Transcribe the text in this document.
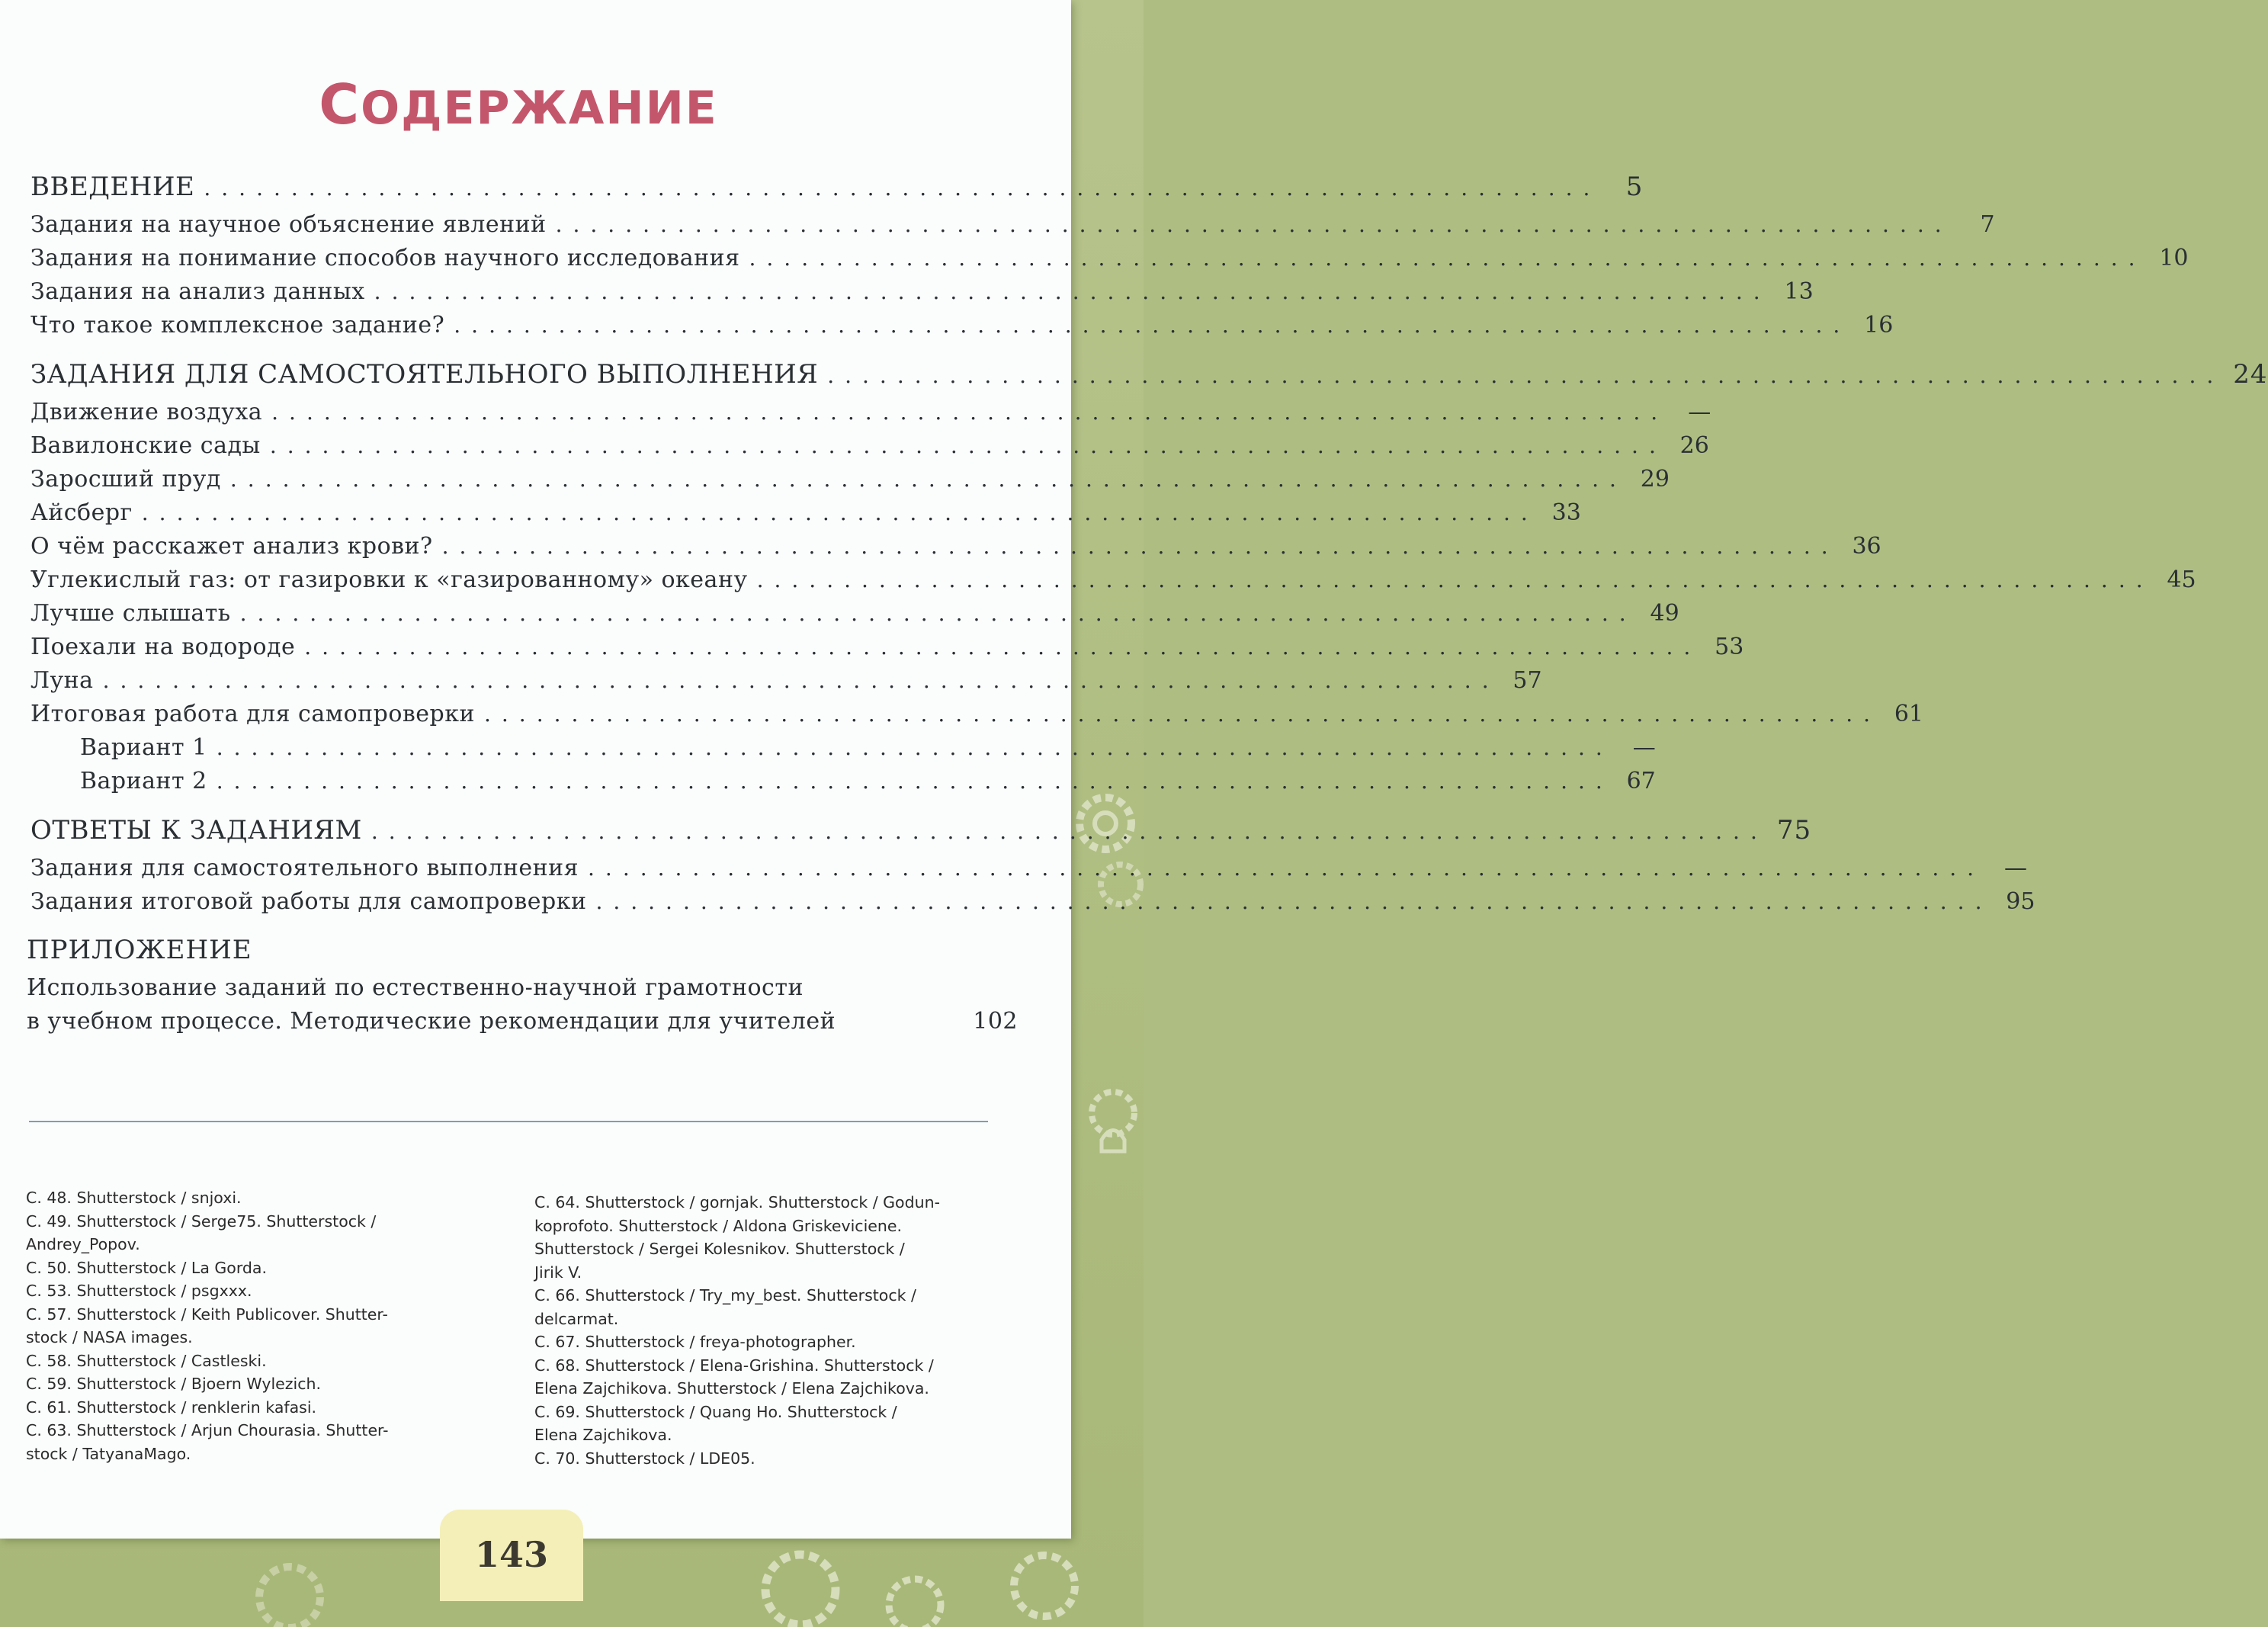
СОДЕРЖАНИЕ
ВВЕДЕНИЕ ................................................................................ 5
Задания на научное объяснение явлений ................................................................................	7
Задания на понимание способов научного исследования ................................................................................ 10
Задания на анализ данных ................................................................................ 13
Что такое комплексное задание? ................................................................................ 16
ЗАДАНИЯ ДЛЯ САМОСТОЯТЕЛЬНОГО ВЫПОЛНЕНИЯ ................................................................................ 24
Движение воздуха ................................................................................ —
Вавилонские сады ................................................................................ 26
Заросший пруд ................................................................................ 29
Айсберг ................................................................................ 33
О чём расскажет анализ крови? ................................................................................ 36
Углекислый газ: от газировки к «газированному» океану ................................................................................ 45
Лучше слышать ................................................................................ 49
Поехали на водороде ................................................................................ 53
Луна ................................................................................ 57
Итоговая работа для самопроверки ................................................................................ 61
Вариант 1 ................................................................................ —
Вариант 2 ................................................................................ 67
ОТВЕТЫ К ЗАДАНИЯМ ................................................................................ 75
Задания для самостоятельного выполнения ................................................................................ —
Задания итоговой работы для самопроверки ................................................................................ 95
ПРИЛОЖЕНИЕ
Использование заданий по естественно-научной грамотности
в учебном процессе. Методические рекомендации для учителей	102
С. 48. Shutterstock / snjoxi.
С. 49. Shutterstock / Serge75. Shutterstock /
Andrey_Popov.
С. 50. Shutterstock / La Gorda.
С. 53. Shutterstock / psgxxx.
С. 57. Shutterstock / Keith Publicover. Shutter-
stock / NASA images.
С. 58. Shutterstock / Castleski.
С. 59. Shutterstock / Bjoern Wylezich.
С. 61. Shutterstock / renklerin kafasi.
С. 63. Shutterstock / Arjun Chourasia. Shutter-
stock / TatyanaMago.
С. 64. Shutterstock / gornjak. Shutterstock / Godun-
koprofoto. Shutterstock / Aldona Griskeviciene.
Shutterstock / Sergei Kolesnikov. Shutterstock /
Jirik V.
С. 66. Shutterstock / Try_my_best. Shutterstock /
delcarmat.
С. 67. Shutterstock / freya-photographer.
С. 68. Shutterstock / Elena-Grishina. Shutterstock /
Elena Zajchikova. Shutterstock / Elena Zajchikova.
С. 69. Shutterstock / Quang Ho. Shutterstock /
Elena Zajchikova.
С. 70. Shutterstock / LDE05.
143
